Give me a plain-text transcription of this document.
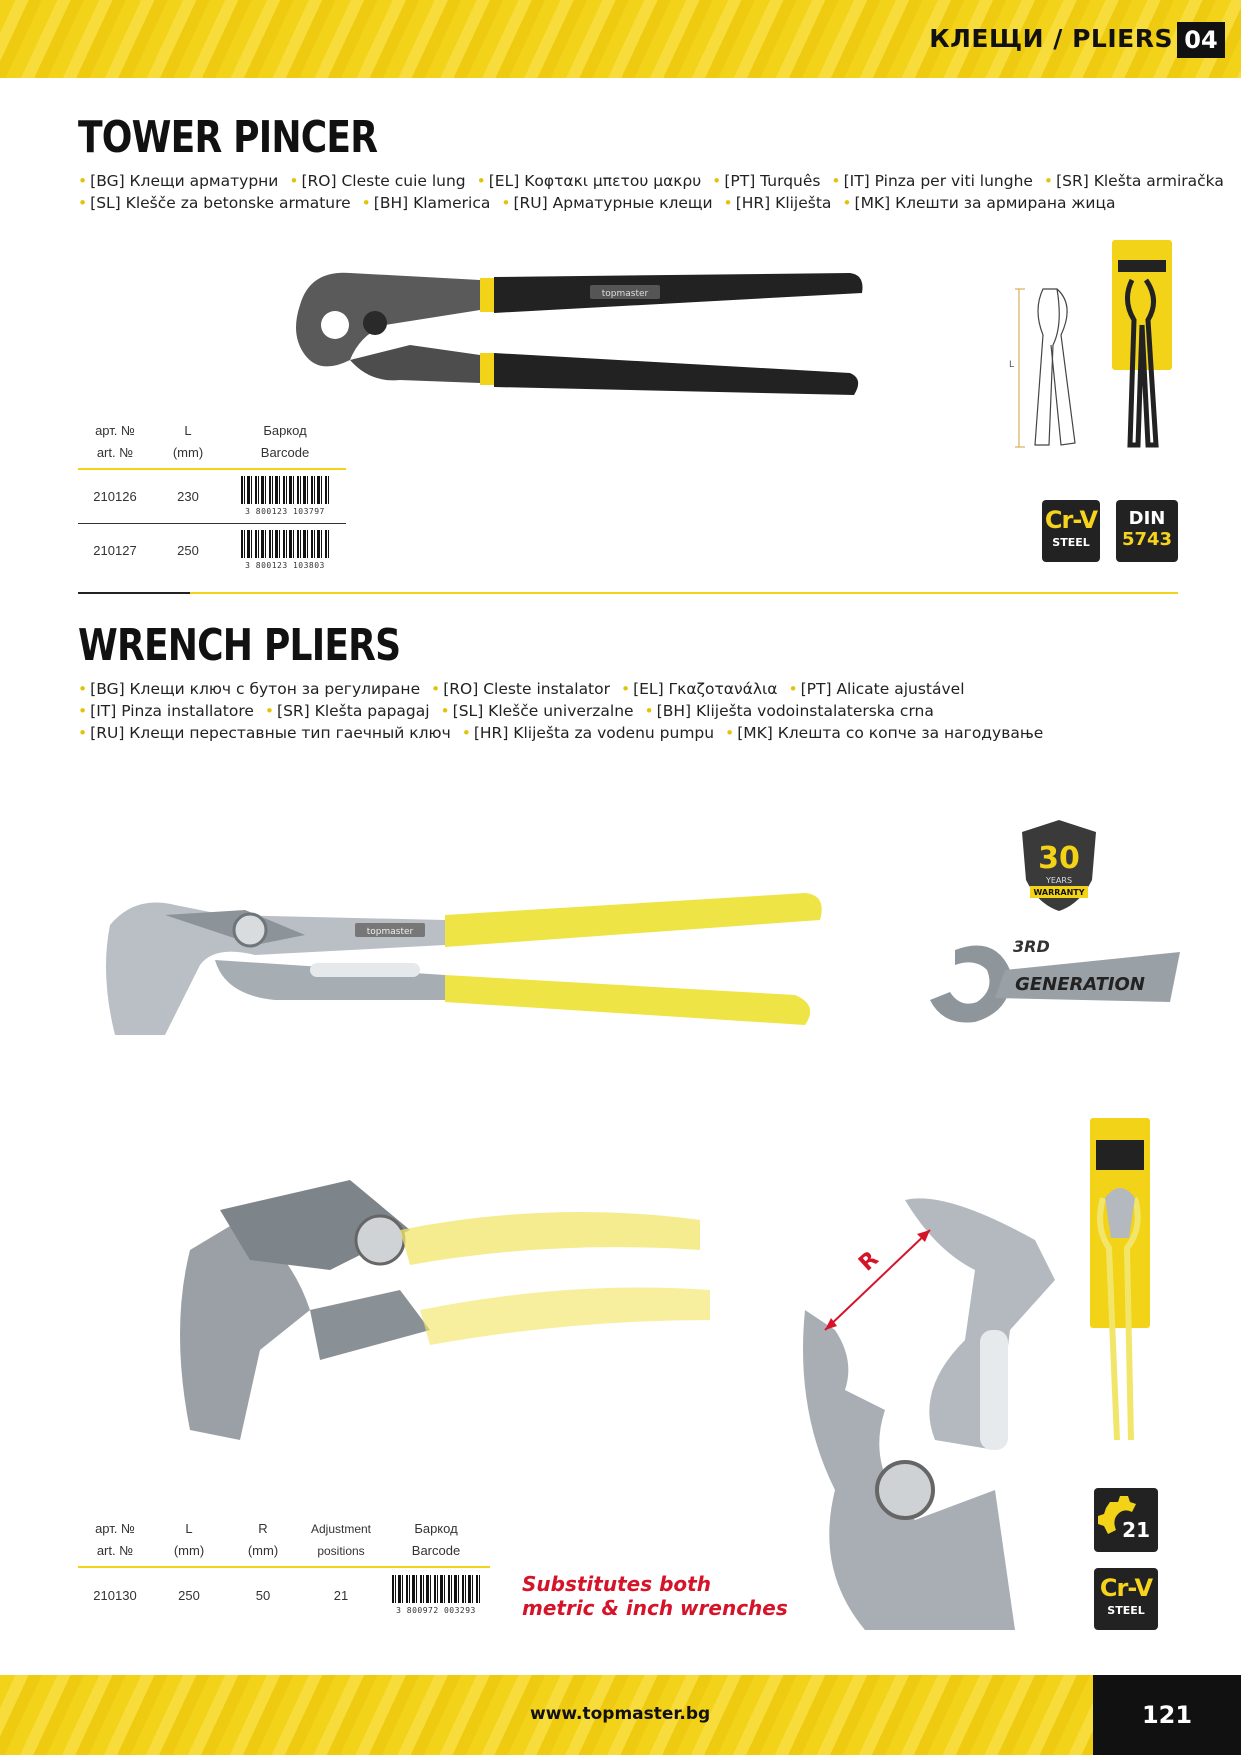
КЛЕЩИ / PLIERS 04
TOWER PINCER
• [BG] Клещи арматурни • [RO] Cleste cuie lung • [EL] Κοφτακι μπετου μακρυ • [PT] Turquês • [IT] Pinza per viti lunghe • [SR] Klešta armiračka
• [SL] Klešče za betonske armature • [BH] Klamerica • [RU] Арматурные клещи • [HR] Kliješta • [MK] Клешти за армирана жица
topmaster
L
арт. №	L	Баркод
art. №	(mm)	Barcode
210126	230	3 800123 103797

210127	250	3 800123 103803
Cr-V
STEEL
DIN
5743
WRENCH PLIERS
• [BG] Клещи ключ с бутон за регулиране • [RO] Cleste instalator • [EL] Γκαζοτανάλια • [PT] Alicate ajustável
• [IT] Pinza installatore • [SR] Klešta papagaj • [SL] Klešče univerzalne • [BH] Kliješta vodoinstalaterska crna
• [RU] Клещи переставные тип гаечный ключ • [HR] Kliješta za vodenu pumpu • [MK] Клешта со копче за нагодување
topmaster
30
YEARS
WARRANTY
3RD
GENERATION
R
арт. №	L	R	Adjustment	Баркод
art. №	(mm)	(mm)	positions	Barcode
210130	250	50	21	3 800972 003293
Substitutes both
metric & inch wrenches
21
Cr-V
STEEL
www.topmaster.bg	121
